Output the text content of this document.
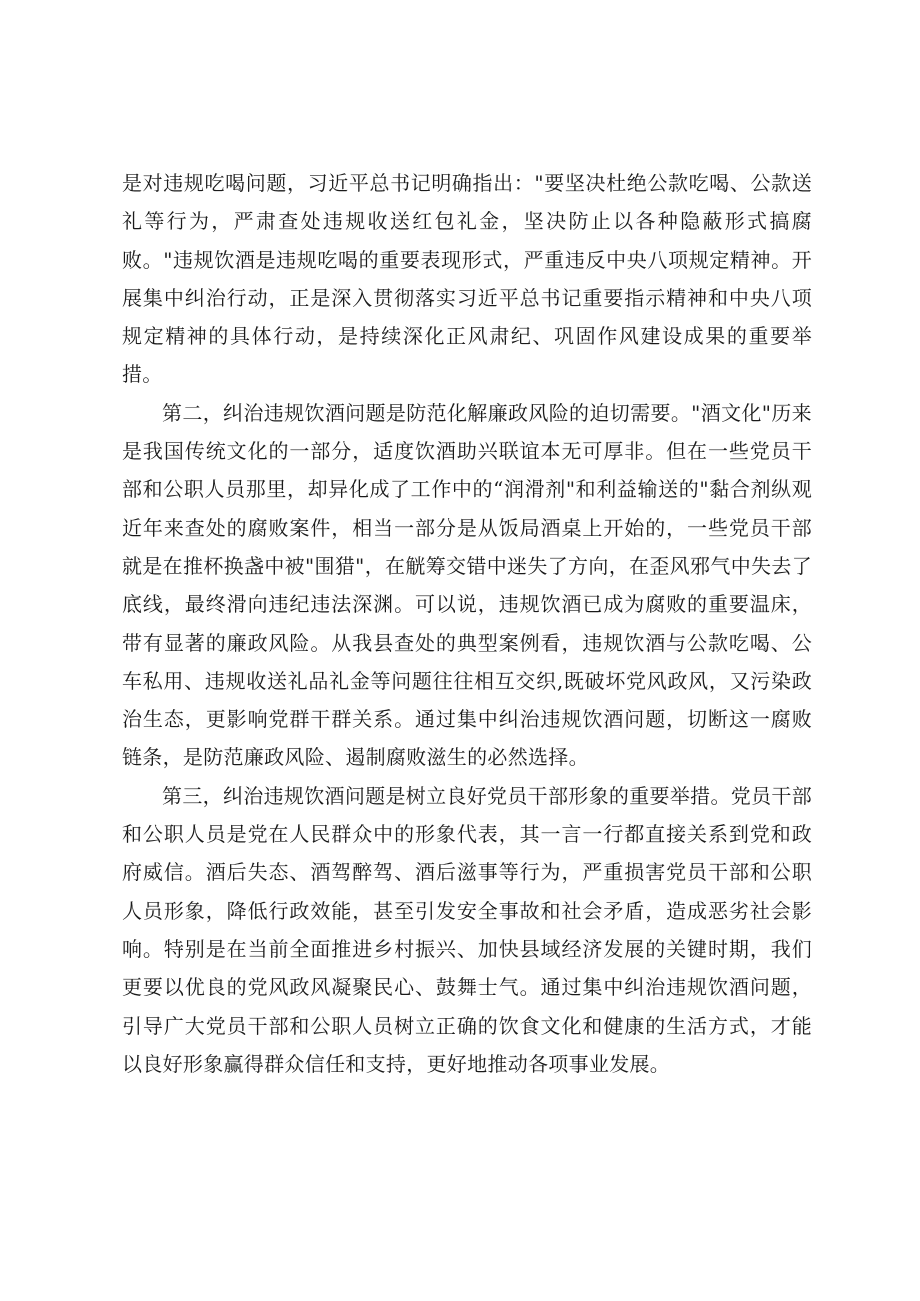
是对违规吃喝问题，习近平总书记明确指出："要坚决杜绝公款吃喝、公款送礼等行为，严肃查处违规收送红包礼金，坚决防止以各种隐蔽形式搞腐败。"违规饮酒是违规吃喝的重要表现形式，严重违反中央八项规定精神。开展集中纠治行动，正是深入贯彻落实习近平总书记重要指示精神和中央八项规定精神的具体行动，是持续深化正风肃纪、巩固作风建设成果的重要举措。

第二，纠治违规饮酒问题是防范化解廉政风险的迫切需要。"酒文化"历来是我国传统文化的一部分，适度饮酒助兴联谊本无可厚非。但在一些党员干部和公职人员那里，却异化成了工作中的“润滑剂"和利益输送的"黏合剂纵观近年来查处的腐败案件，相当一部分是从饭局酒桌上开始的，一些党员干部就是在推杯换盏中被"围猎"，在觥筹交错中迷失了方向，在歪风邪气中失去了底线，最终滑向违纪违法深渊。可以说，违规饮酒已成为腐败的重要温床，带有显著的廉政风险。从我县查处的典型案例看，违规饮酒与公款吃喝、公车私用、违规收送礼品礼金等问题往往相互交织,既破坏党风政风，又污染政治生态，更影响党群干群关系。通过集中纠治违规饮酒问题，切断这一腐败链条，是防范廉政风险、遏制腐败滋生的必然选择。

第三，纠治违规饮酒问题是树立良好党员干部形象的重要举措。党员干部和公职人员是党在人民群众中的形象代表，其一言一行都直接关系到党和政府威信。酒后失态、酒驾醉驾、酒后滋事等行为，严重损害党员干部和公职人员形象，降低行政效能，甚至引发安全事故和社会矛盾，造成恶劣社会影响。特别是在当前全面推进乡村振兴、加快县域经济发展的关键时期，我们更要以优良的党风政风凝聚民心、鼓舞士气。通过集中纠治违规饮酒问题，引导广大党员干部和公职人员树立正确的饮食文化和健康的生活方式，才能以良好形象赢得群众信任和支持，更好地推动各项事业发展。
